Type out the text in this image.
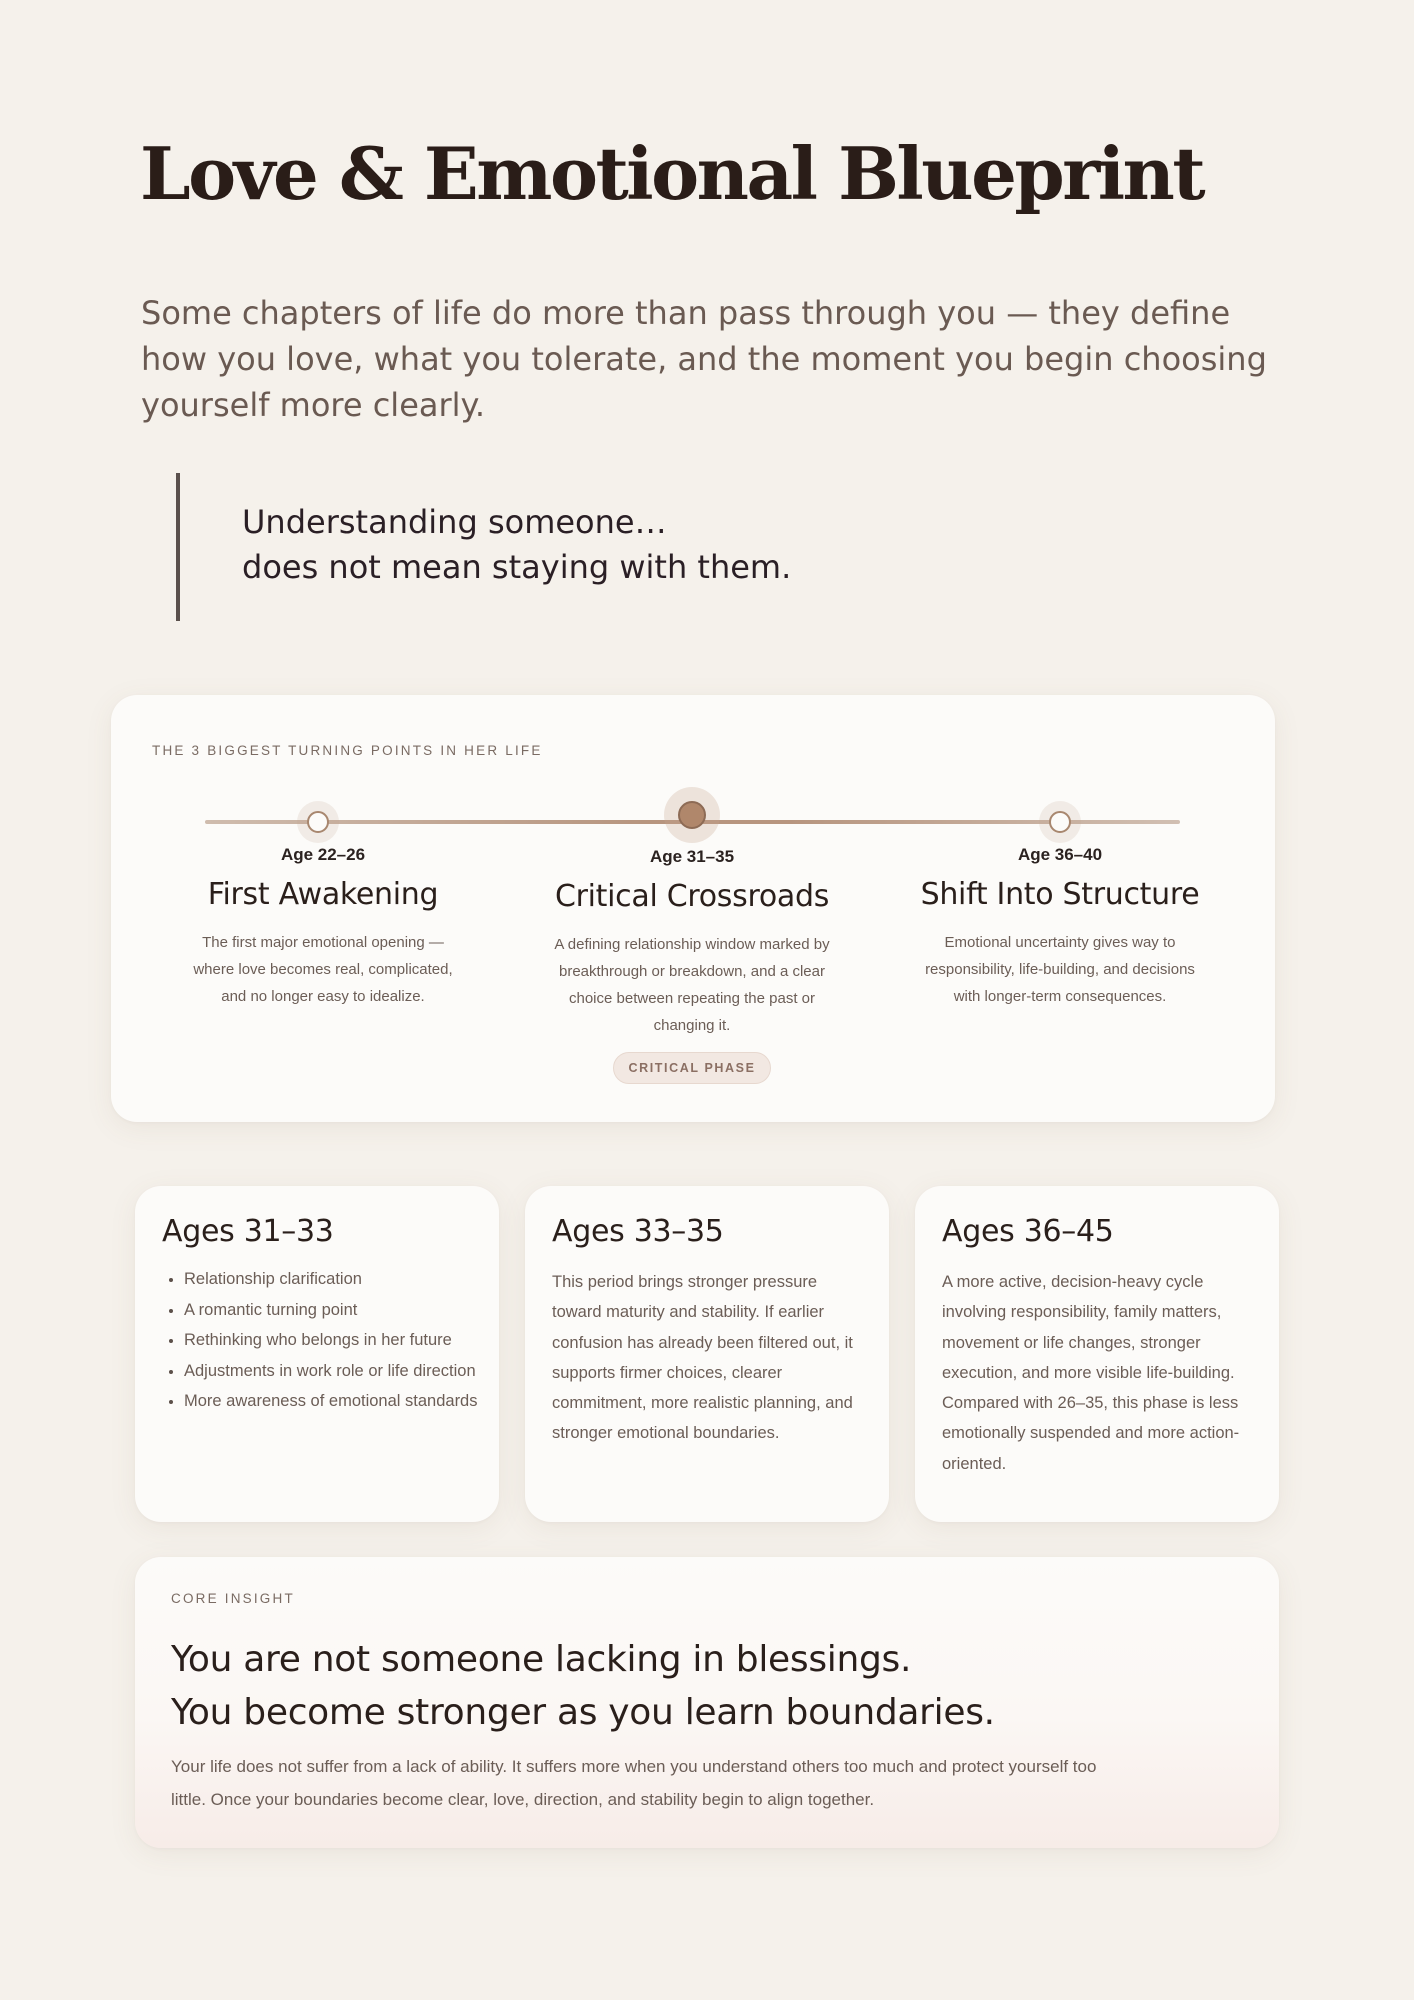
Love & Emotional Blueprint

Some chapters of life do more than pass through you — they define how you love, what you tolerate, and the moment you begin choosing yourself more clearly.

Understanding someone…

does not mean staying with them.

THE 3 BIGGEST TURNING POINTS IN HER LIFE
Age 22–26
First Awakening

The first major emotional opening — where love becomes real, complicated, and no longer easy to idealize.

Age 31–35
Critical Crossroads

A defining relationship window marked by breakthrough or breakdown, and a clear choice between repeating the past or changing it.

CRITICAL PHASE
Age 36–40
Shift Into Structure

Emotional uncertainty gives way to responsibility, life-building, and decisions with longer-term consequences.

Ages 31–33
• Relationship clarification
• A romantic turning point
• Rethinking who belongs in her future
• Adjustments in work role or life direction
• More awareness of emotional standards
Ages 33–35

This period brings stronger pressure toward maturity and stability. If earlier confusion has already been filtered out, it supports firmer choices, clearer commitment, more realistic planning, and stronger emotional boundaries.

Ages 36–45

A more active, decision-heavy cycle involving responsibility, family matters, movement or life changes, stronger execution, and more visible life-building. Compared with 26–35, this phase is less emotionally suspended and more action-oriented.

CORE INSIGHT
You are not someone lacking in blessings.
You become stronger as you learn boundaries.

Your life does not suffer from a lack of ability. It suffers more when you understand others too much and protect yourself too little. Once your boundaries become clear, love, direction, and stability begin to align together.
